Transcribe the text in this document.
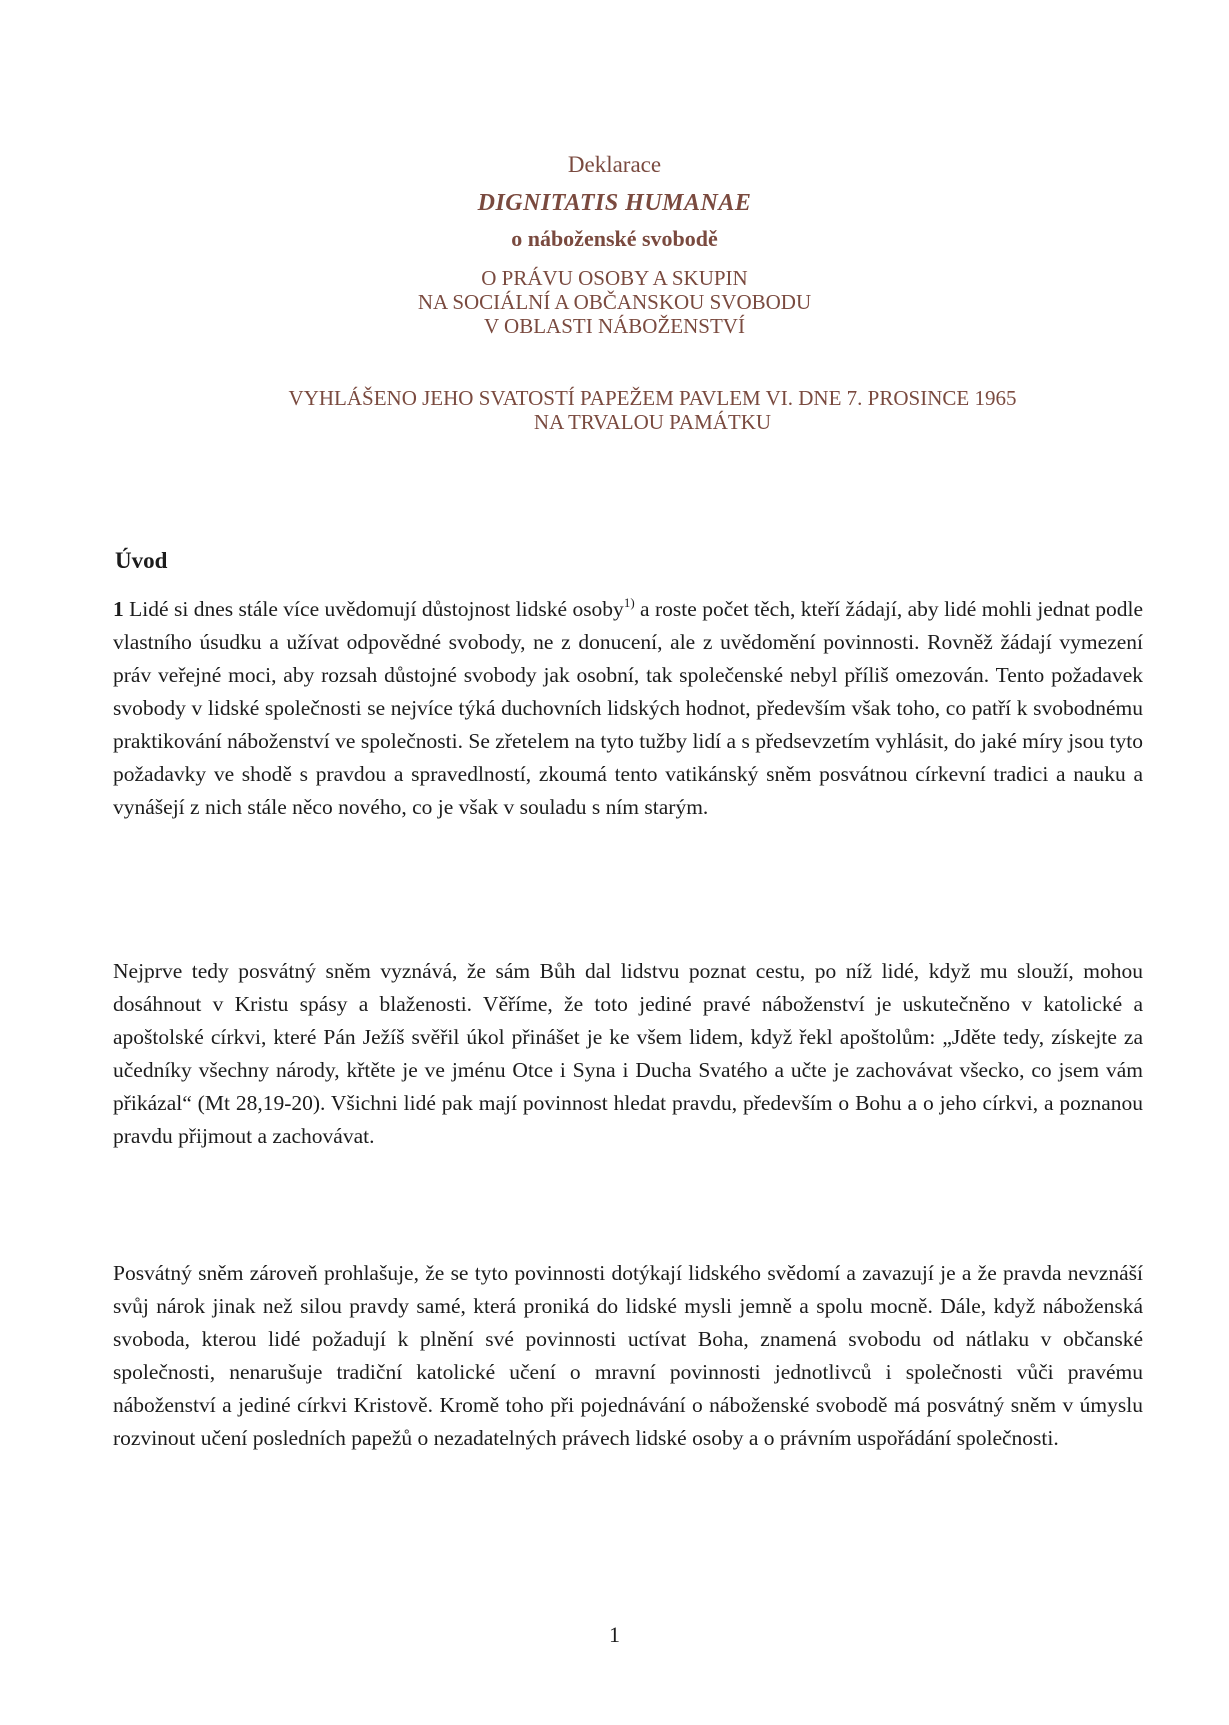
Deklarace
DIGNITATIS HUMANAE
o náboženské svobodě
O PRÁVU OSOBY A SKUPIN
NA SOCIÁLNÍ A OBČANSKOU SVOBODU
V OBLASTI NÁBOŽENSTVÍ
VYHLÁŠENO JEHO SVATOSTÍ PAPEŽEM PAVLEM VI. DNE 7. PROSINCE 1965
NA TRVALOU PAMÁTKU
Úvod

1 Lidé si dnes stále více uvědomují důstojnost lidské osoby$^{1)}$ a roste počet těch, kteří žádají, aby lidé mohli jednat podle vlastního úsudku a užívat odpovědné svobody, ne z donucení, ale z uvědomění povinnosti. Rovněž žádají vymezení práv veřejné moci, aby rozsah důstojné svobody jak osobní, tak společenské nebyl příliš omezován. Tento požadavek svobody v lidské společnosti se nejvíce týká duchovních lidských hodnot, především však toho, co patří k svobodnému praktikování náboženství ve společnosti. Se zřetelem na tyto tužby lidí a s předsevzetím vyhlásit, do jaké míry jsou tyto požadavky ve shodě s pravdou a spravedlností, zkoumá tento vatikánský sněm posvátnou církevní tradici a nauku a vynášejí z nich stále něco nového, co je však v souladu s ním starým.

Nejprve tedy posvátný sněm vyznává, že sám Bůh dal lidstvu poznat cestu, po níž lidé, když mu slouží, mohou dosáhnout v Kristu spásy a blaženosti. Věříme, že toto jediné pravé náboženství je uskutečněno v katolické a apoštolské církvi, které Pán Ježíš svěřil úkol přinášet je ke všem lidem, když řekl apoštolům: „Jděte tedy, získejte za učedníky všechny národy, křtěte je ve jménu Otce i Syna i Ducha Svatého a učte je zachovávat všecko, co jsem vám přikázal“ (Mt 28,19-20). Všichni lidé pak mají povinnost hledat pravdu, především o Bohu a o jeho církvi, a poznanou pravdu přijmout a zachovávat.

Posvátný sněm zároveň prohlašuje, že se tyto povinnosti dotýkají lidského svědomí a zavazují je a že pravda nevznáší svůj nárok jinak než silou pravdy samé, která proniká do lidské mysli jemně a spolu mocně. Dále, když náboženská svoboda, kterou lidé požadují k plnění své povinnosti uctívat Boha, znamená svobodu od nátlaku v občanské společnosti, nenarušuje tradiční katolické učení o mravní povinnosti jednotlivců i společnosti vůči pravému náboženství a jediné církvi Kristově. Kromě toho při pojednávání o náboženské svobodě má posvátný sněm v úmyslu rozvinout učení posledních papežů o nezadatelných právech lidské osoby a o právním uspořádání společnosti.

1
